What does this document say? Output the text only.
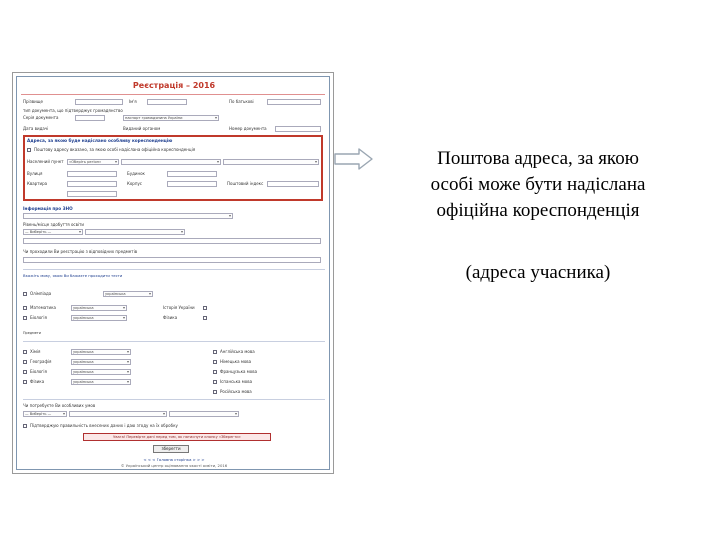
Реєстрація – 2016
Прізвище	Ім'я	По батькові
тип документа, що підтверджує громадянство
Серія документа	паспорт громадянина України ▾
Дата видачі	Виданий органом	Номер документа
Адреса, за якою буде надіслано особливу кореспонденцію
Поштову адресу вказано, за якою особі надіслана офіційна кореспонденція
Населений пункт	«Оберіть регіон» ▾
▾
▾
Вулиця	Будинок
Квартира	Корпус	Поштовий індекс
Інформація про ЗНО
▾
Рівень/місце здобуття освіти
— Виберіть — ▾
▾
Чи проходили Ви реєстрацію з відповідних предметів
Вкажіть мову, якою Ви бажаєте проходити тести
Олімпіада	українська ▾
Математика	українська ▾	Історія України
Біологія	українська ▾	Фізика
Предмети
Хімія	українська ▾	Англійська мова
Географія	українська ▾	Німецька мова
Біологія	українська ▾	Французька мова
Фізика	українська ▾	Іспанська мова
Російська мова
Чи потребуєте Ви особливих умов
— Виберіть — ▾
▾
▾
Підтверджую правильність внесених даних і даю згоду на їх обробку
Увага! Перевірте дані перед тим, як натиснути кнопку «Зберегти»
зберегти
< < < Головна сторінка > > >
© Український центр оцінювання якості освіти, 2016
Поштова адреса, за якою
особі може бути надіслана
офіційна кореспонденція
(адреса учасника)
